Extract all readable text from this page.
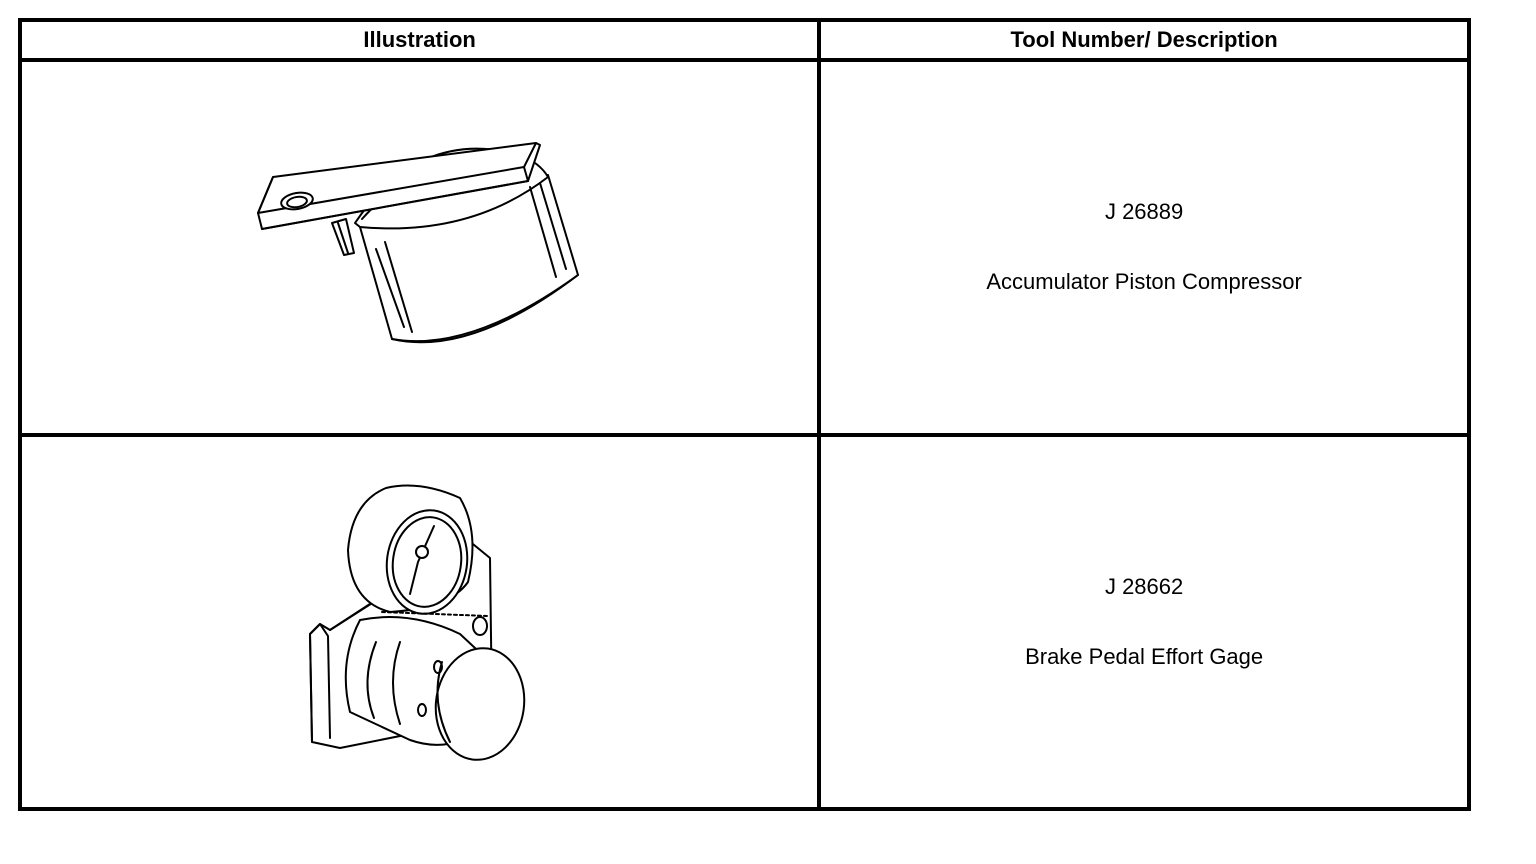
Illustration	Tool Number/ Description

J 26889
Accumulator Piston Compressor

J 28662
Brake Pedal Effort Gage
